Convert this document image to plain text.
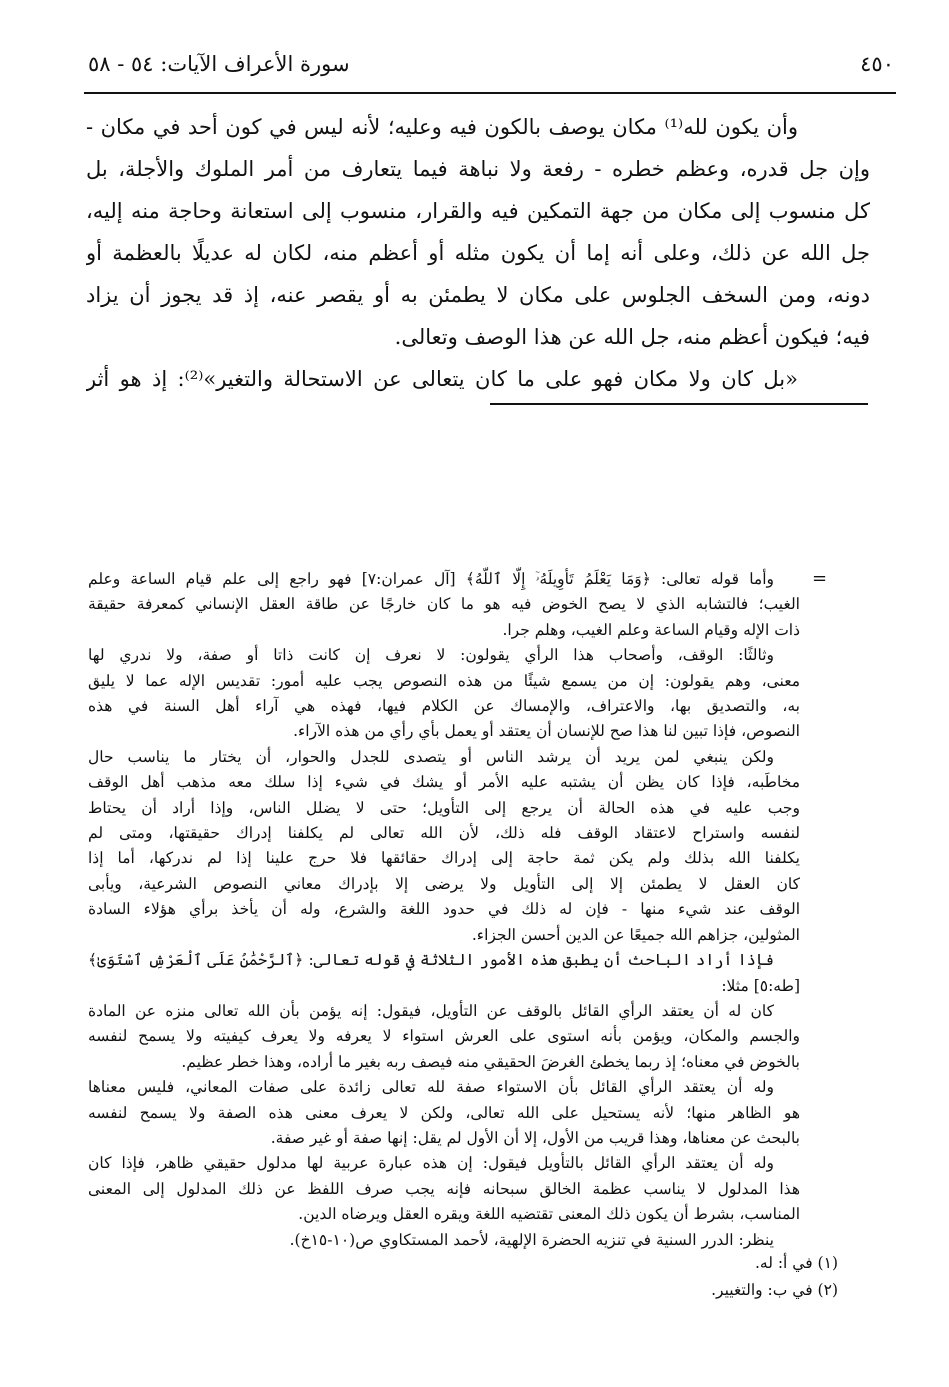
٤٥٠
سورة الأعراف الآيات: ٥٤ - ٥٨
وأن يكون لله⁽¹⁾ مكان يوصف بالكون فيه وعليه؛ لأنه ليس في كون أحد في مكان -
وإن جل قدره، وعظم خطره - رفعة ولا نباهة فيما يتعارف من أمر الملوك والأجلة، بل
كل منسوب إلى مكان من جهة التمكين فيه والقرار، منسوب إلى استعانة وحاجة منه إليه،
جل الله عن ذلك، وعلى أنه إما أن يكون مثله أو أعظم منه، لكان له عديلًا بالعظمة أو
دونه، ومن السخف الجلوس على مكان لا يطمئن به أو يقصر عنه، إذ قد يجوز أن يزاد
فيه؛ فيكون أعظم منه، جل الله عن هذا الوصف وتعالى.
«بل كان ولا مكان فهو على ما كان يتعالى عن الاستحالة والتغير»⁽²⁾: إذ هو أثر
=
وأما قوله تعالى: ﴿وَمَا يَعْلَمُ تَأْوِيلَهُۥٓ إِلَّا ٱللَّهُ﴾ [آل عمران:٧] فهو راجع إلى علم قيام الساعة وعلم
الغيب؛ فالتشابه الذي لا يصح الخوض فيه هو ما كان خارجًا عن طاقة العقل الإنساني كمعرفة حقيقة
ذات الإله وقيام الساعة وعلم الغيب، وهلم جرا.
وثالثًا: الوقف، وأصحاب هذا الرأي يقولون: لا نعرف إن كانت ذاتا أو صفة، ولا ندري لها
معنى، وهم يقولون: إن من يسمع شيئًا من هذه النصوص يجب عليه أمور: تقديس الإله عما لا يليق
به، والتصديق بها، والاعتراف، والإمساك عن الكلام فيها، فهذه هي آراء أهل السنة في هذه
النصوص، فإذا تبين لنا هذا صح للإنسان أن يعتقد أو يعمل بأي رأي من هذه الآراء.
ولكن ينبغي لمن يريد أن يرشد الناس أو يتصدى للجدل والحوار، أن يختار ما يناسب حال
مخاطَبه، فإذا كان يظن أن يشتبه عليه الأمر أو يشك في شيء إذا سلك معه مذهب أهل الوقف
وجب عليه في هذه الحالة أن يرجع إلى التأويل؛ حتى لا يضلل الناس، وإذا أراد أن يحتاط
لنفسه واستراح لاعتقاد الوقف فله ذلك، لأن الله تعالى لم يكلفنا إدراك حقيقتها، ومتى لم
يكلفنا الله بذلك ولم يكن ثمة حاجة إلى إدراك حقائقها فلا حرج علينا إذا لم ندركها، أما إذا
كان العقل لا يطمئن إلا إلى التأويل ولا يرضى إلا بإدراك معاني النصوص الشرعية، ويأبى
الوقف عند شيء منها - فإن له ذلك في حدود اللغة والشرع، وله أن يأخذ برأي هؤلاء السادة
المثولين، جزاهم الله جميعًا عن الدين أحسن الجزاء.
فإذا أراد الباحث أن يطبق هذه الأمور الثلاثة في قوله تعالى: ﴿ٱلرَّحْمَٰنُ عَلَى ٱلْعَرْشِ ٱسْتَوَىٰ﴾
[طه:٥] مثلا:
كان له أن يعتقد الرأي القائل بالوقف عن التأويل، فيقول: إنه يؤمن بأن الله تعالى منزه عن المادة
والجسم والمكان، ويؤمن بأنه استوى على العرش استواء لا يعرفه ولا يعرف كيفيته ولا يسمح لنفسه
بالخوض في معناه؛ إذ ربما يخطئ الغرضَ الحقيقي منه فيصف ربه بغير ما أراده، وهذا خطر عظيم.
وله أن يعتقد الرأي القائل بأن الاستواء صفة لله تعالى زائدة على صفات المعاني، فليس معناها
هو الظاهر منها؛ لأنه يستحيل على الله تعالى، ولكن لا يعرف معنى هذه الصفة ولا يسمح لنفسه
بالبحث عن معناها، وهذا قريب من الأول، إلا أن الأول لم يقل: إنها صفة أو غير صفة.
وله أن يعتقد الرأي القائل بالتأويل فيقول: إن هذه عبارة عربية لها مدلول حقيقي ظاهر، فإذا كان
هذا المدلول لا يناسب عظمة الخالق سبحانه فإنه يجب صرف اللفظ عن ذلك المدلول إلى المعنى
المناسب، بشرط أن يكون ذلك المعنى تقتضيه اللغة ويقره العقل ويرضاه الدين.
ينظر: الدرر السنية في تنزيه الحضرة الإلهية، لأحمد المستكاوي ص(١٠-١٥خ).
(١) في أ: له.
(٢) في ب: والتغيير.
